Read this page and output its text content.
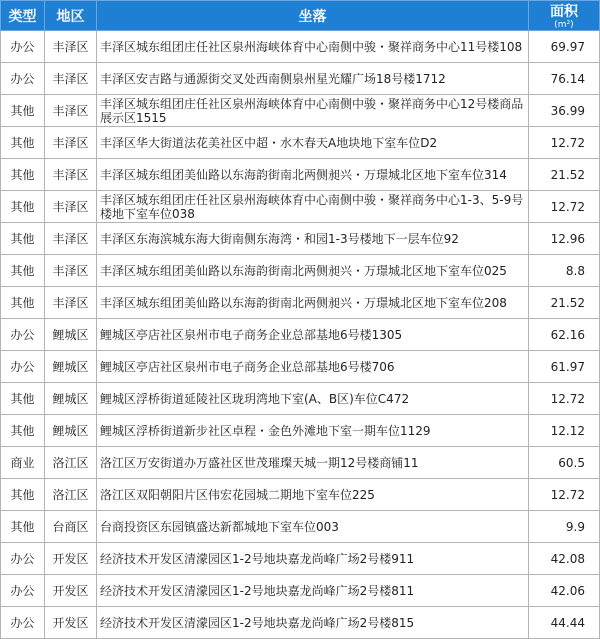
类型	地区	坐落	面积
(m²)

办公	丰泽区	丰泽区城东组团庄任社区泉州海峡体育中心南侧中骏・聚祥商务中心11号楼108	69.97
办公	丰泽区	丰泽区安吉路与通源街交叉处西南侧泉州星光耀广场18号楼1712	76.14
其他	丰泽区	丰泽区城东组团庄任社区泉州海峡体育中心南侧中骏・聚祥商务中心12号楼商品展示区1515	36.99
其他	丰泽区	丰泽区华大街道法花美社区中超・水木春天A地块地下室车位D2	12.72
其他	丰泽区	丰泽区城东组团美仙路以东海韵街南北两侧昶兴・万璟城北区地下室车位314	21.52
其他	丰泽区	丰泽区城东组团庄任社区泉州海峡体育中心南侧中骏・聚祥商务中心1-3、5-9号楼地下室车位038	12.72
其他	丰泽区	丰泽区东海滨城东海大街南侧东海湾・和园1-3号楼地下一层车位92	12.96
其他	丰泽区	丰泽区城东组团美仙路以东海韵街南北两侧昶兴・万璟城北区地下室车位025	8.8
其他	丰泽区	丰泽区城东组团美仙路以东海韵街南北两侧昶兴・万璟城北区地下室车位208	21.52
办公	鲤城区	鲤城区亭店社区泉州市电子商务企业总部基地6号楼1305	62.16
办公	鲤城区	鲤城区亭店社区泉州市电子商务企业总部基地6号楼706	61.97
其他	鲤城区	鲤城区浮桥街道延陵社区珑玥湾地下室(A、B区)车位C472	12.72
其他	鲤城区	鲤城区浮桥街道新步社区卓程・金色外滩地下室一期车位1129	12.12
商业	洛江区	洛江区万安街道办万盛社区世茂璀璨天城一期12号楼商铺11	60.5
其他	洛江区	洛江区双阳朝阳片区伟宏花园城二期地下室车位225	12.72
其他	台商区	台商投资区东园镇盛达新都城地下室车位003	9.9
办公	开发区	经济技术开发区清濛园区1-2号地块嘉龙尚峰广场2号楼911	42.08
办公	开发区	经济技术开发区清濛园区1-2号地块嘉龙尚峰广场2号楼811	42.06
办公	开发区	经济技术开发区清濛园区1-2号地块嘉龙尚峰广场2号楼815	44.44
